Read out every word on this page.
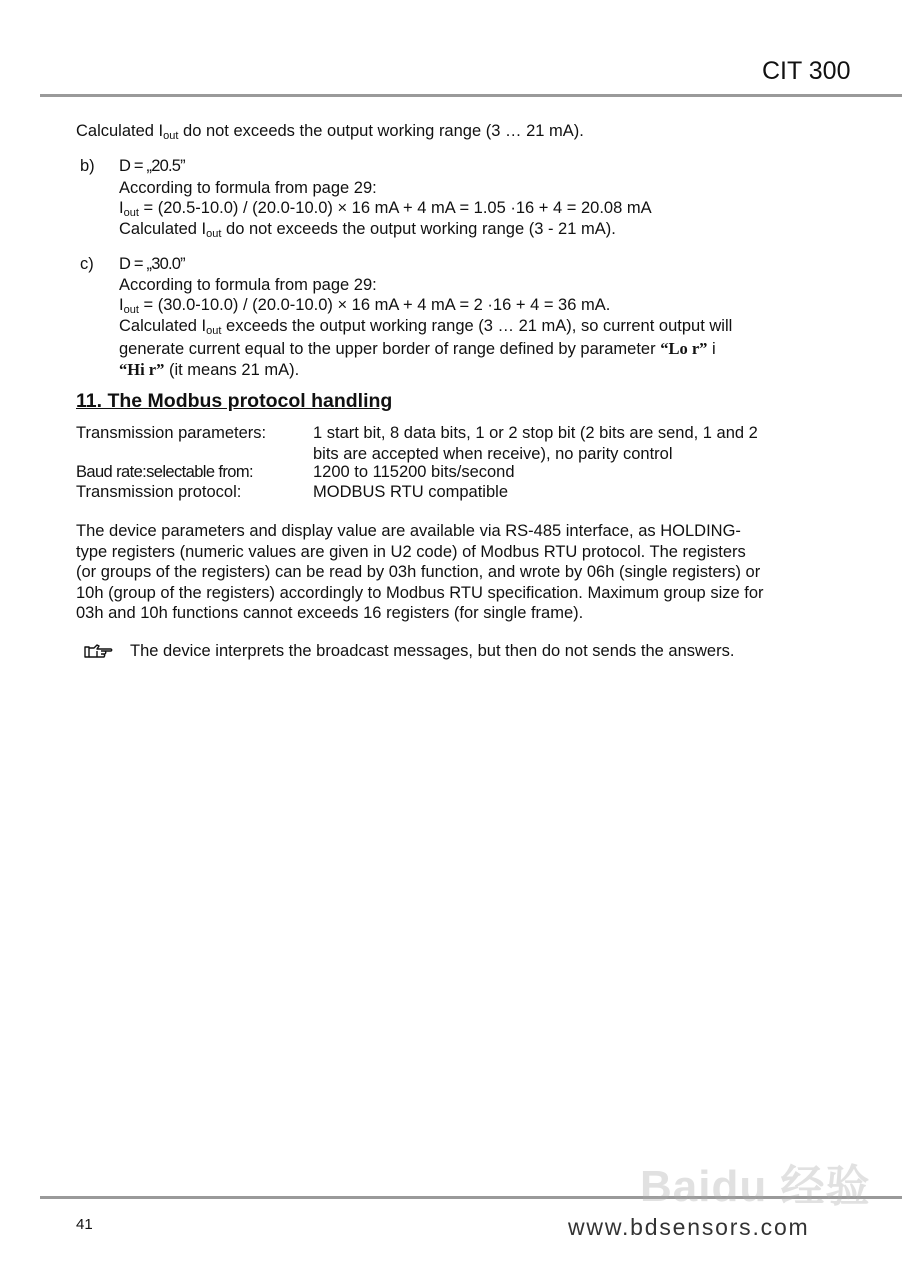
CIT 300
Calculated $I_{out}$ do not exceeds the output working range (3 … 21 mA).
b) D = „20.5”
According to formula from page 29:
$I_{out} = (20.5-10.0) / (20.0-10.0) \times 16$ mA + 4 mA = 1.05 ·16 + 4 = 20.08 mA
Calculated $I_{out}$ do not exceeds the output working range (3 - 21 mA).
c) D = „30.0”
According to formula from page 29:
$I_{out} = (30.0-10.0) / (20.0-10.0) \times 16$ mA + 4 mA = 2 ·16 + 4 = 36 mA.
Calculated $I_{out}$ exceeds the output working range (3 … 21 mA), so current output will
generate current equal to the upper border of range defined by parameter “Lo r” i
“Hi r” (it means 21 mA).
11. The Modbus protocol handling
Transmission parameters:	1 start bit, 8 data bits, 1 or 2 stop bit (2 bits are send, 1 and 2
bits are accepted when receive), no parity control
Baud rate:selectable from:	1200 to 115200 bits/second
Transmission protocol:	MODBUS RTU compatible
The device parameters and display value are available via RS-485 interface, as HOLDING-
type registers (numeric values are given in U2 code) of Modbus RTU protocol. The registers
(or groups of the registers) can be read by 03h function, and wrote by 06h (single registers) or
10h (group of the registers) accordingly to Modbus RTU specification. Maximum group size for
03h and 10h functions cannot exceeds 16 registers (for single frame).
The device interprets the broadcast messages, but then do not sends the answers.
41
Baidu 经验
www.bdsensors.com
